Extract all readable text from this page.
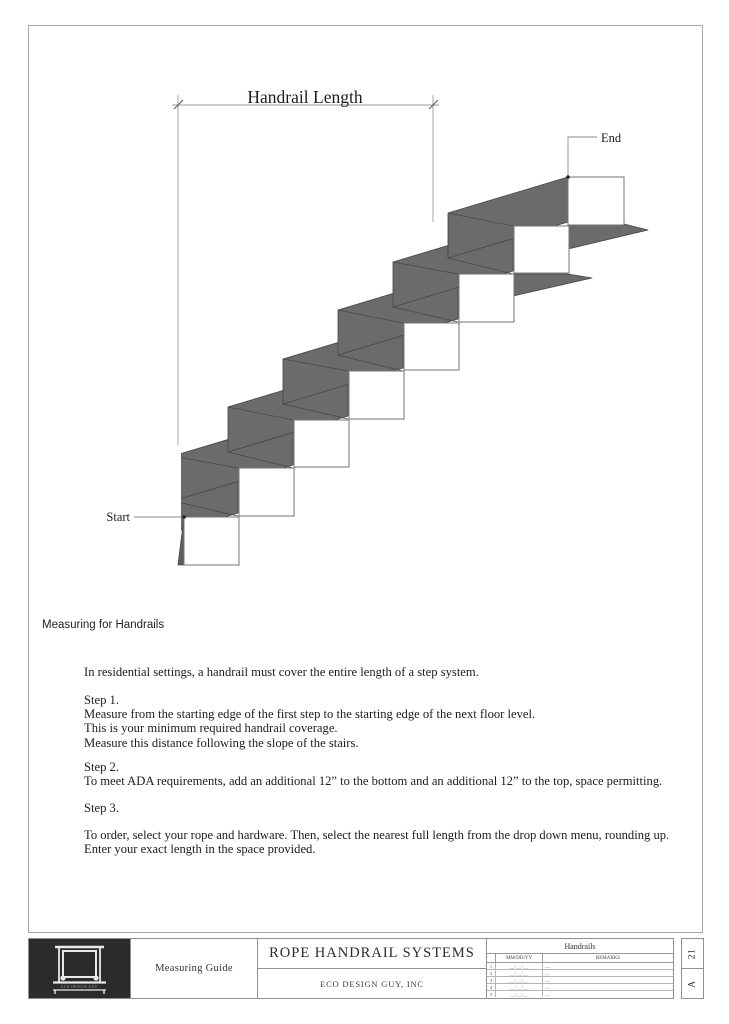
Handrail Length
End
Start
Measuring for Handrails

In residential settings, a handrail must cover the entire length of a step system.

Step 1.

Measure from the starting edge of the first step to the starting edge of the next floor level.

This is your minimum required handrail coverage.

Measure this distance following the slope of the stairs.

Step 2.

To meet ADA requirements, add an additional 12” to the bottom and an additional 12” to the top, space permitting.

Step 3.

To order, select your rope and hardware. Then, select the nearest full length from the drop down menu, rounding up.

Enter your exact length in the space provided.

ECO DESIGN GUY
Measuring Guide
ROPE HANDRAIL SYSTEMS
ECO DESIGN GUY, INC
Handrails
MM/DD/YY	REMARKS
1	__/__/__	—
2	__/__/__	—
3	__/__/__	—
4	__/__/__	—
5	__/__/__	—
21
A
